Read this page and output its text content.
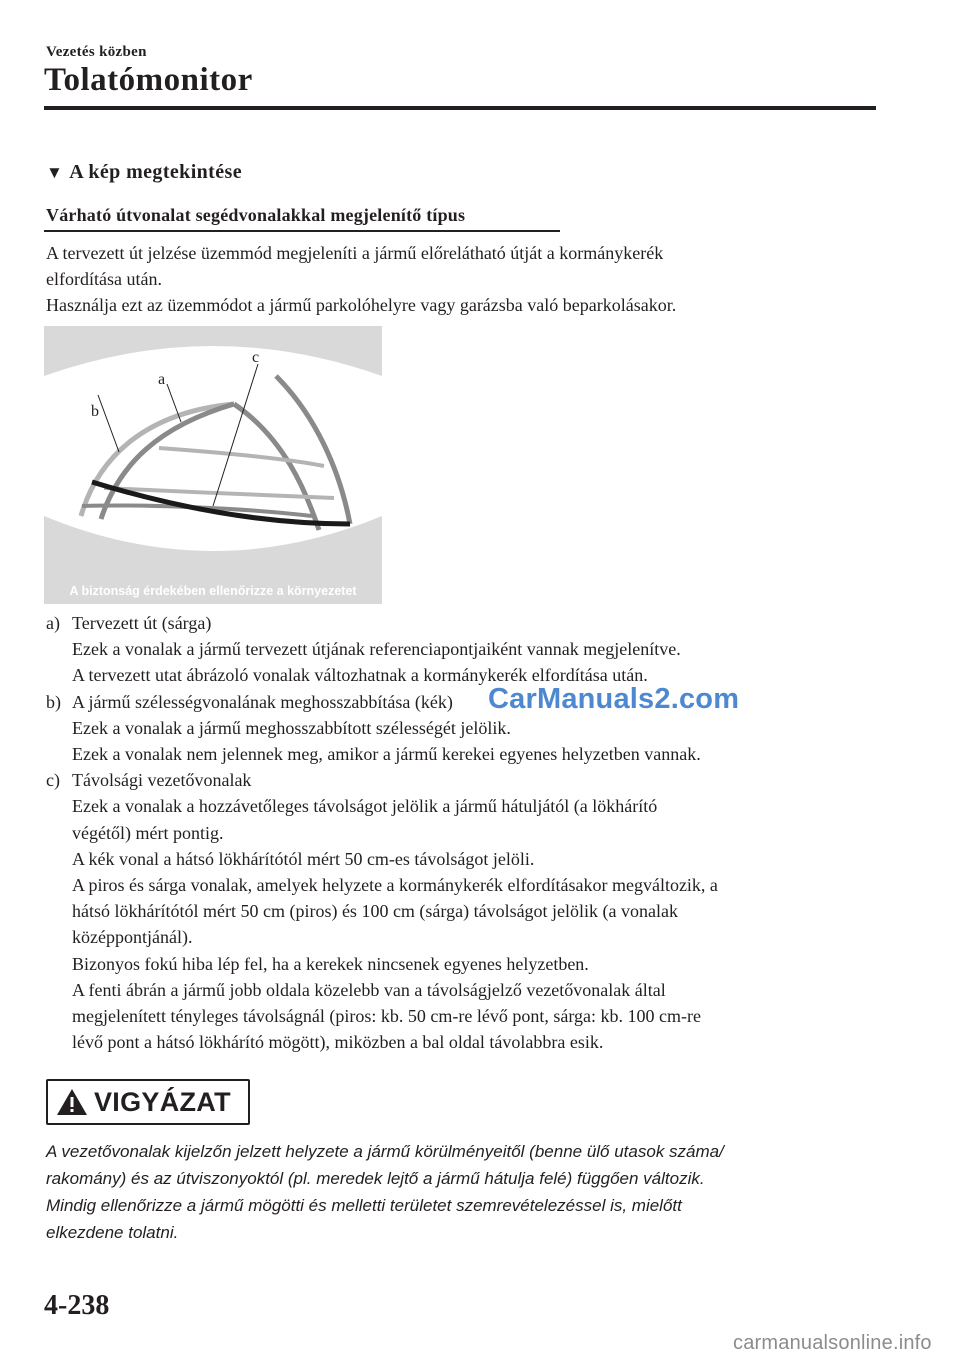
Vezetés közben
Tolatómonitor
▼ A kép megtekintése
Várható útvonalat segédvonalakkal megjelenítő típus

A tervezett út jelzése üzemmód megjeleníti a jármű előrelátható útját a kormánykerék

elfordítása után.

Használja ezt az üzemmódot a jármű parkolóhelyre vagy garázsba való beparkolásakor.

b
a
c
A biztonság érdekében ellenőrizze a környezetet
a) Tervezett út (sárga)

Ezek a vonalak a jármű tervezett útjának referenciapontjaiként vannak megjelenítve.

A tervezett utat ábrázoló vonalak változhatnak a kormánykerék elfordítása után.

b) A jármű szélességvonalának meghosszabbítása (kék)

Ezek a vonalak a jármű meghosszabbított szélességét jelölik.

Ezek a vonalak nem jelennek meg, amikor a jármű kerekei egyenes helyzetben vannak.

c) Távolsági vezetővonalak

Ezek a vonalak a hozzávetőleges távolságot jelölik a jármű hátuljától (a lökhárító

végétől) mért pontig.

A kék vonal a hátsó lökhárítótól mért 50 cm-es távolságot jelöli.

A piros és sárga vonalak, amelyek helyzete a kormánykerék elfordításakor megváltozik, a

hátsó lökhárítótól mért 50 cm (piros) és 100 cm (sárga) távolságot jelölik (a vonalak

középpontjánál).

Bizonyos fokú hiba lép fel, ha a kerekek nincsenek egyenes helyzetben.

A fenti ábrán a jármű jobb oldala közelebb van a távolságjelző vezetővonalak által

megjelenített tényleges távolságnál (piros: kb. 50 cm-re lévő pont, sárga: kb. 100 cm-re

lévő pont a hátsó lökhárító mögött), miközben a bal oldal távolabbra esik.

CarManuals2.com
VIGYÁZAT

A vezetővonalak kijelzőn jelzett helyzete a jármű körülményeitől (benne ülő utasok száma/

rakomány) és az útviszonyoktól (pl. meredek lejtő a jármű hátulja felé) függően változik.

Mindig ellenőrizze a jármű mögötti és melletti területet szemrevételezéssel is, mielőtt

elkezdene tolatni.

4-238
carmanualsonline.info
